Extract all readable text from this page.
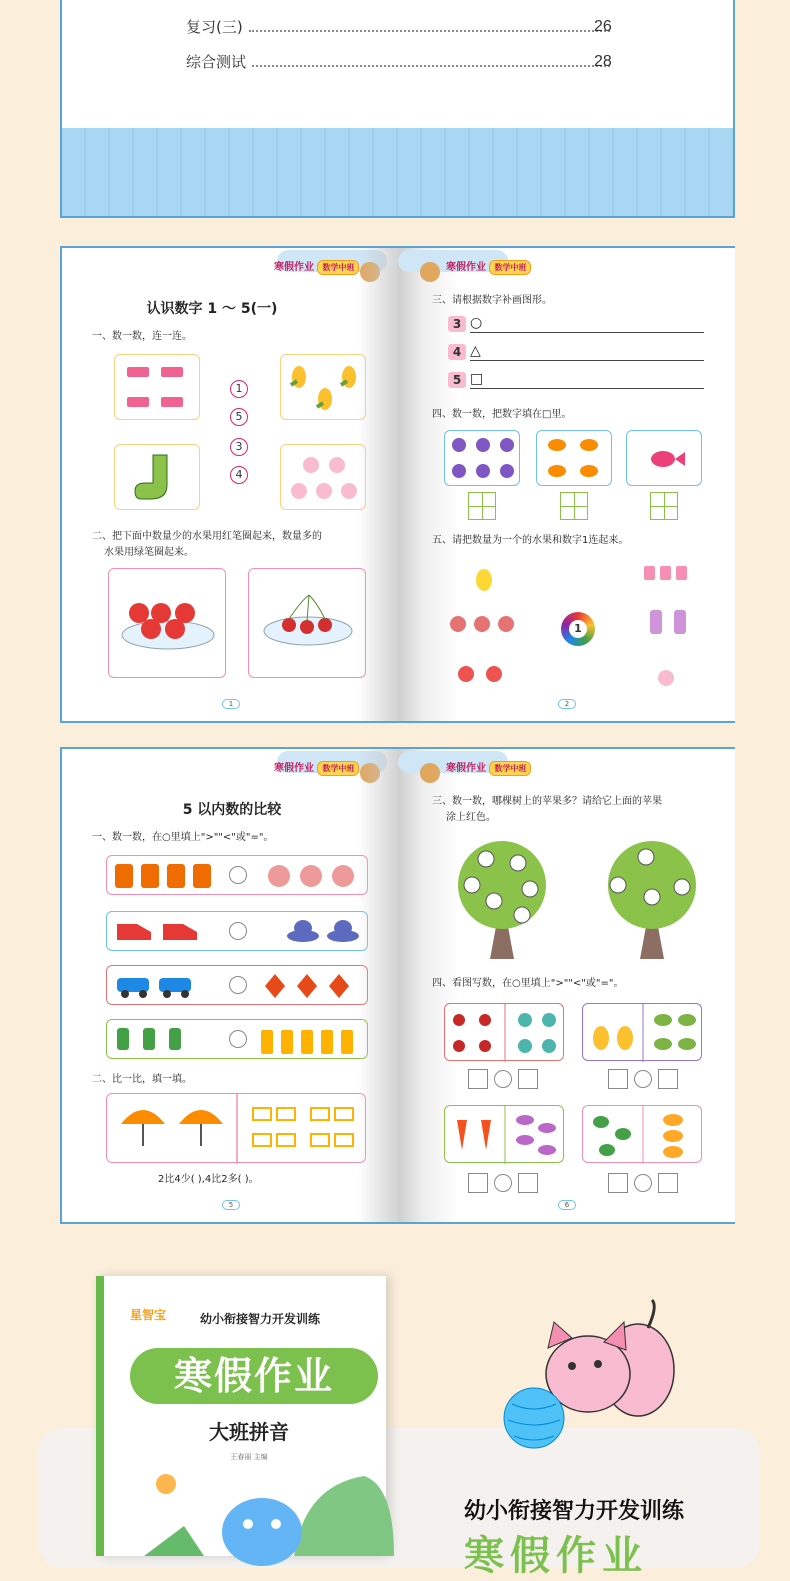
复习(三)	26
综合测试	28
寒假作业 数学中班
认识数字 1 ～ 5(一)
一、数一数，连一连。
1
5
3
4
二、把下面中数量少的水果用红笔圈起来，数量多的
水果用绿笔圈起来。
1
寒假作业 数学中班
三、请根据数字补画图形。
3 ○
4 △
5 □
四、数一数，把数字填在□里。
五、请把数量为一个的水果和数字1连起来。
1
2
寒假作业 数学中班
5 以内数的比较
一、数一数，在○里填上">""<"或"="。
二、比一比，填一填。
2比4少( ),4比2多( )。
5
寒假作业 数学中班
三、数一数，哪棵树上的苹果多？请给它上面的苹果
涂上红色。
四、看图写数，在○里填上">""<"或"="。
6
星智宝	幼小衔接智力开发训练
寒假作业
大班拼音
王春丽 主编
幼小衔接智力开发训练
寒假作业
